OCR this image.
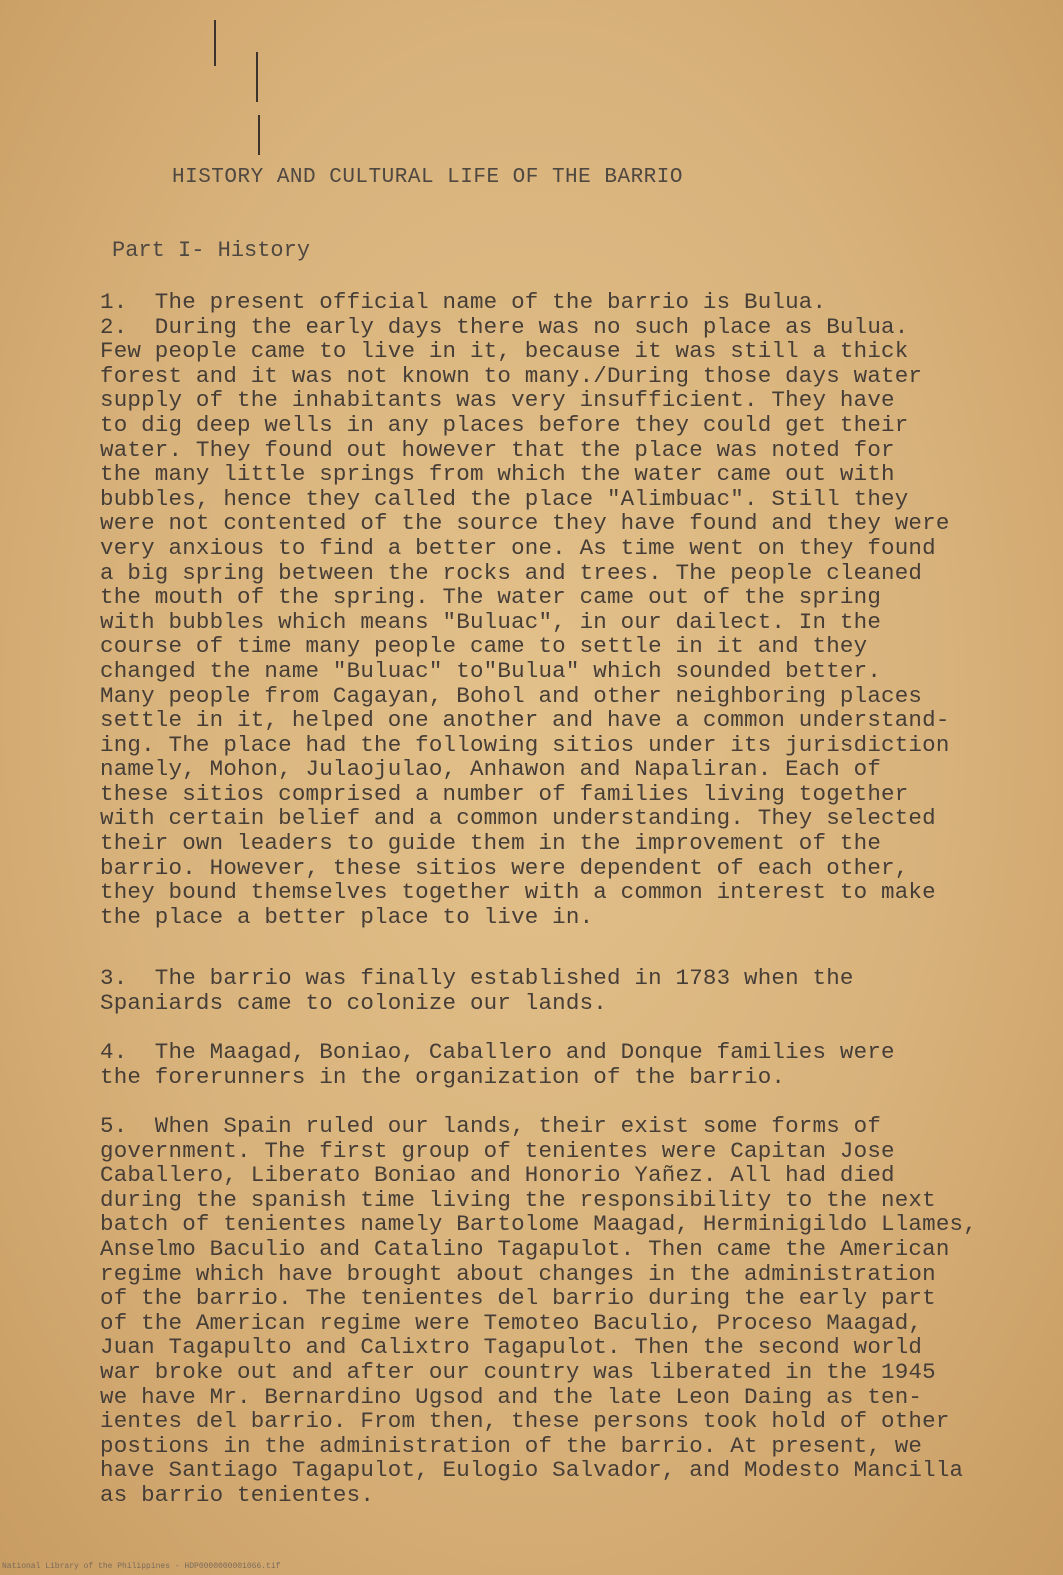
HISTORY AND CULTURAL LIFE OF THE BARRIO
Part I- History
1.  The present official name of the barrio is Bulua.
2.  During the early days there was no such place as Bulua.
Few people came to live in it, because it was still a thick
forest and it was not known to many./During those days water
supply of the inhabitants was very insufficient. They have
to dig deep wells in any places before they could get their
water. They found out however that the place was noted for
the many little springs from which the water came out with
bubbles, hence they called the place "Alimbuac". Still they
were not contented of the source they have found and they were
very anxious to find a better one. As time went on they found
a big spring between the rocks and trees. The people cleaned
the mouth of the spring. The water came out of the spring
with bubbles which means "Buluac", in our dailect. In the
course of time many people came to settle in it and they
changed the name "Buluac" to"Bulua" which sounded better.
Many people from Cagayan, Bohol and other neighboring places
settle in it, helped one another and have a common understand-
ing. The place had the following sitios under its jurisdiction
namely, Mohon, Julaojulao, Anhawon and Napaliran. Each of
these sitios comprised a number of families living together
with certain belief and a common understanding. They selected
their own leaders to guide them in the improvement of the
barrio. However, these sitios were dependent of each other,
they bound themselves together with a common interest to make
the place a better place to live in.
3.  The barrio was finally established in 1783 when the
Spaniards came to colonize our lands.
4.  The Maagad, Boniao, Caballero and Donque families were
the forerunners in the organization of the barrio.
5.  When Spain ruled our lands, their exist some forms of
government. The first group of tenientes were Capitan Jose
Caballero, Liberato Boniao and Honorio Yañez. All had died
during the spanish time living the responsibility to the next
batch of tenientes namely Bartolome Maagad, Herminigildo Llames,
Anselmo Baculio and Catalino Tagapulot. Then came the American
regime which have brought about changes in the administration
of the barrio. The tenientes del barrio during the early part
of the American regime were Temoteo Baculio, Proceso Maagad,
Juan Tagapulto and Calixtro Tagapulot. Then the second world
war broke out and after our country was liberated in the 1945
we have Mr. Bernardino Ugsod and the late Leon Daing as ten-
ientes del barrio. From then, these persons took hold of other
postions in the administration of the barrio. At present, we
have Santiago Tagapulot, Eulogio Salvador, and Modesto Mancilla
as barrio tenientes.
National Library of the Philippines - HDP0000000001066.tif
